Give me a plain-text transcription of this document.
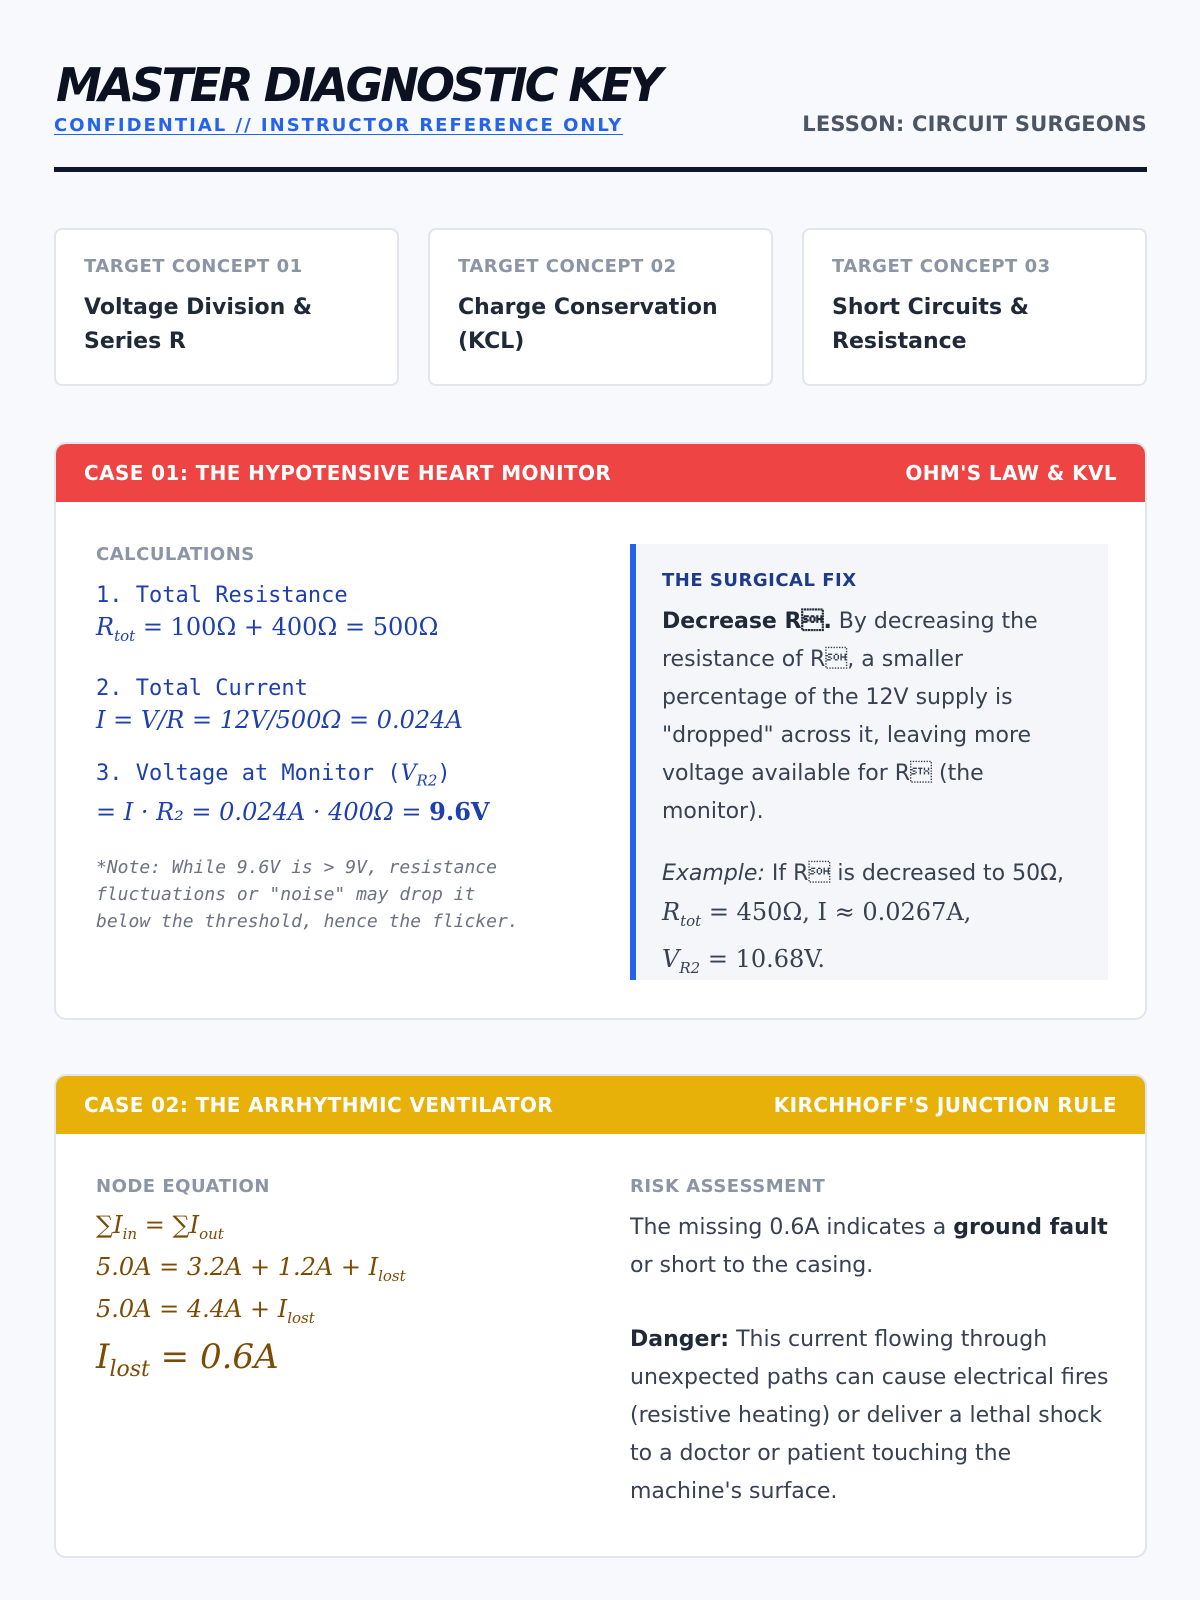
MASTER DIAGNOSTIC KEY
CONFIDENTIAL // INSTRUCTOR REFERENCE ONLY	LESSON: CIRCUIT SURGEONS
TARGET CONCEPT 01
Voltage Division &
Series R
TARGET CONCEPT 02
Charge Conservation
(KCL)
TARGET CONCEPT 03
Short Circuits &
Resistance
CASE 01: THE HYPOTENSIVE HEART MONITOR	OHM'S LAW & KVL
CALCULATIONS
1. Total Resistance
$R_{tot} = 100\Omega + 400\Omega = 500\Omega$
2. Total Current
I = V/R = 12V/500Ω = 0.024A
3. Voltage at Monitor $(V_{R2})$
= I · R₂ = 0.024A · 400Ω = 9.6V
*Note: While 9.6V is > 9V, resistance
fluctuations or "noise" may drop it
below the threshold, hence the flicker.
THE SURGICAL FIX
Decrease R. By decreasing the resistance of R, a smaller percentage of the 12V supply is "dropped" across it, leaving more voltage available for R (the monitor).
Example: If R is decreased to 50Ω,
$R_{tot} = 450\Omega$, I ≈ 0.0267A,
$V_{R2} = 10.68V$.
CASE 02: THE ARRHYTHMIC VENTILATOR	KIRCHHOFF'S JUNCTION RULE
NODE EQUATION
$\sum I_{in} = \sum I_{out}$
$5.0A = 3.2A + 1.2A + I_{lost}$
$5.0A = 4.4A + I_{lost}$
$I_{lost} = 0.6A$
RISK ASSESSMENT
The missing 0.6A indicates a ground fault or short to the casing.
Danger: This current flowing through unexpected paths can cause electrical fires (resistive heating) or deliver a lethal shock to a doctor or patient touching the machine's surface.
